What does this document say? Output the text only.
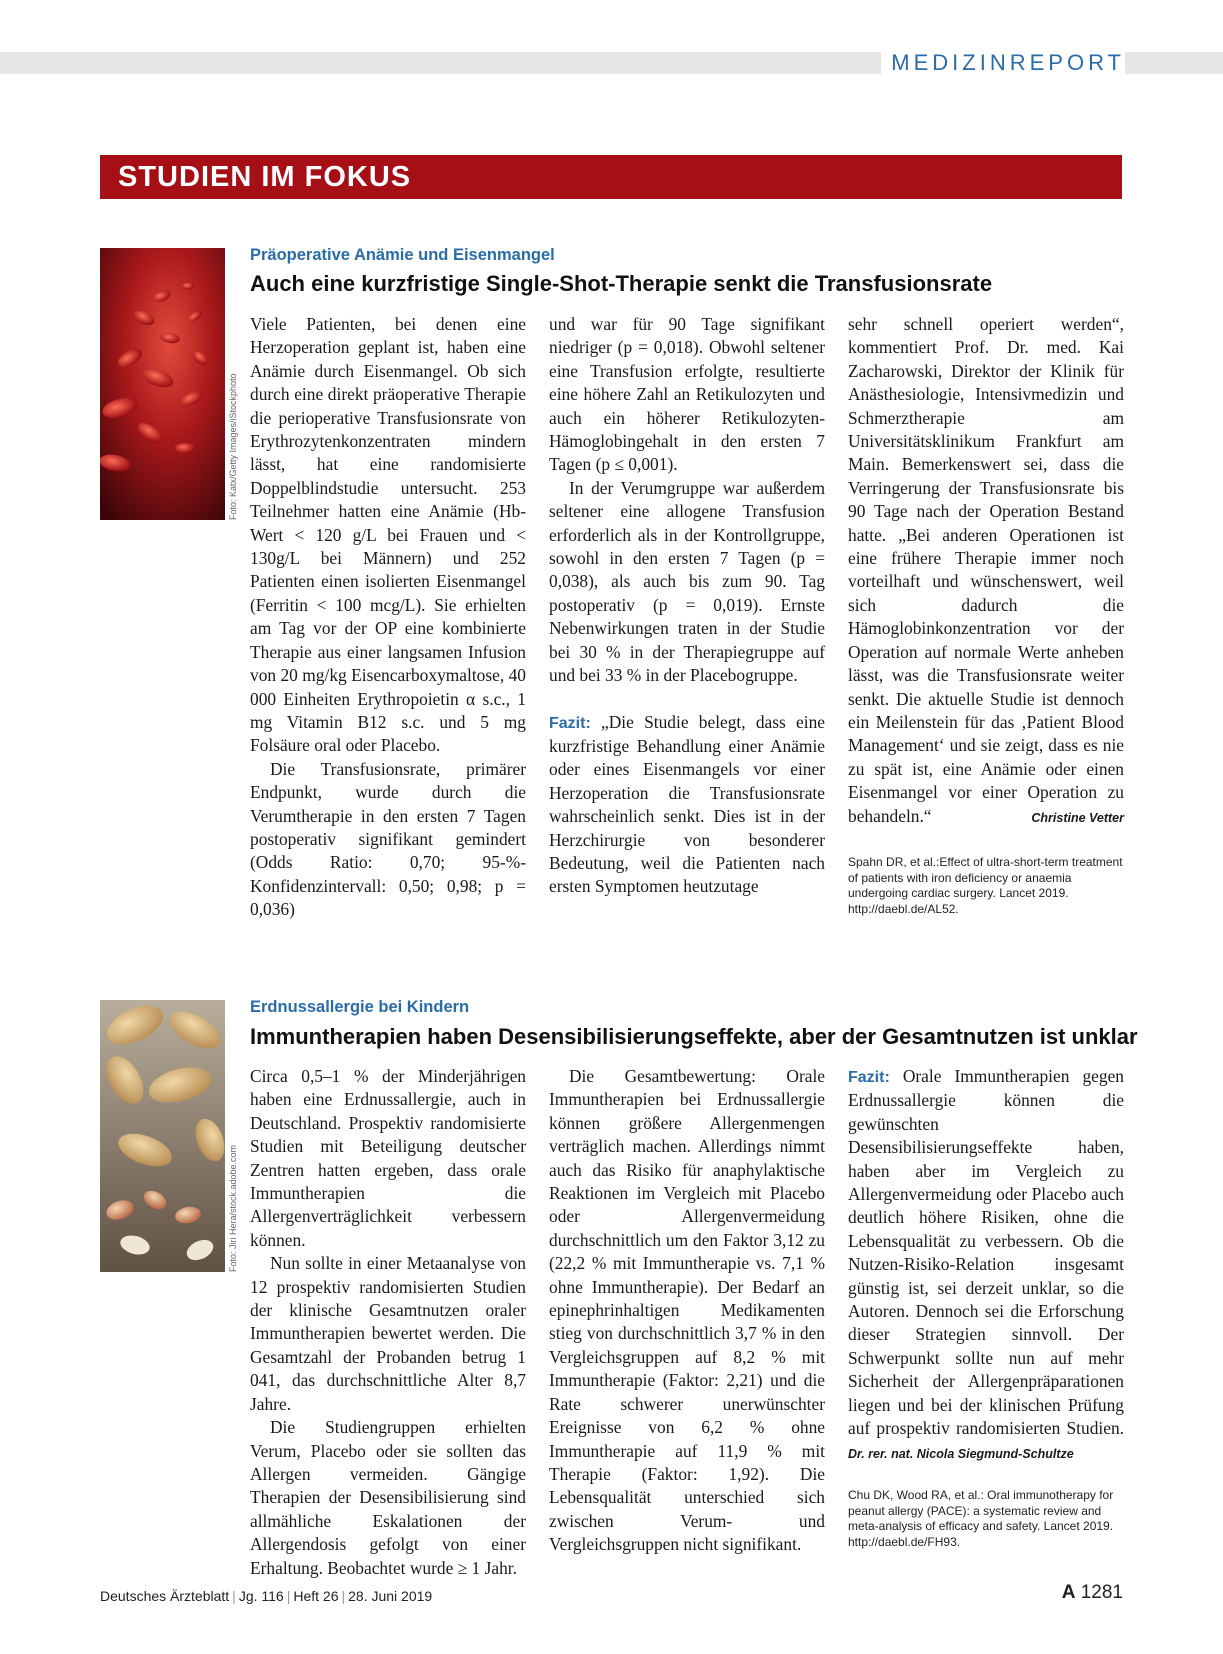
MEDIZINREPORT
STUDIEN IM FOKUS
Foto: Katx/Getty Images/iStockphoto
Präoperative Anämie und Eisenmangel
Auch eine kurzfristige Single-Shot-Therapie senkt die Transfusionsrate

Viele Patienten, bei denen eine Herzoperation geplant ist, haben eine Anämie durch Eisenmangel. Ob sich durch eine direkt präoperative Therapie die perioperative Transfusionsrate von Erythrozytenkonzentraten mindern lässt, hat eine randomisierte Doppelblindstudie untersucht. 253 Teilnehmer hatten eine Anämie (Hb-Wert < 120 g/L bei Frauen und < 130g/L bei Männern) und 252 Patienten einen isolierten Eisenmangel (Ferritin < 100 mcg/L). Sie erhielten am Tag vor der OP eine kombinierte Therapie aus einer langsamen Infusion von 20 mg/kg Eisencarboxymaltose, 40 000 Einheiten Erythropoietin α s.c., 1 mg Vitamin B12 s.c. und 5 mg Folsäure oral oder Placebo.

Die Transfusionsrate, primärer Endpunkt, wurde durch die Verumtherapie in den ersten 7 Tagen postoperativ signifikant gemindert (Odds Ratio: 0,70; 95-%-Konfidenzintervall: 0,50; 0,98; p = 0,036)

und war für 90 Tage signifikant niedriger (p = 0,018). Obwohl seltener eine Transfusion erfolgte, resultierte eine höhere Zahl an Retikulozyten und auch ein höherer Retikulozyten-Hämoglobingehalt in den ersten 7 Tagen (p ≤ 0,001).

In der Verumgruppe war außerdem seltener eine allogene Transfusion erforderlich als in der Kontrollgruppe, sowohl in den ersten 7 Tagen (p = 0,038), als auch bis zum 90. Tag postoperativ (p = 0,019). Ernste Nebenwirkungen traten in der Studie bei 30 % in der Therapiegruppe auf und bei 33 % in der Placebogruppe.

Fazit: „Die Studie belegt, dass eine kurzfristige Behandlung einer Anämie oder eines Eisenmangels vor einer Herzoperation die Transfusionsrate wahrscheinlich senkt. Dies ist in der Herzchirurgie von besonderer Bedeutung, weil die Patienten nach ersten Symptomen heutzutage

sehr schnell operiert werden“, kommentiert Prof. Dr. med. Kai Zacharowski, Direktor der Klinik für Anästhesiologie, Intensivmedizin und Schmerztherapie am Universitätsklinikum Frankfurt am Main. Bemerkenswert sei, dass die Verringerung der Transfusionsrate bis 90 Tage nach der Operation Bestand hatte. „Bei anderen Operationen ist eine frühere Therapie immer noch vorteilhaft und wünschenswert, weil sich dadurch die Hämoglobinkonzentration vor der Operation auf normale Werte anheben lässt, was die Transfusionsrate weiter senkt. Die aktuelle Studie ist dennoch ein Meilenstein für das ‚Patient Blood Management‘ und sie zeigt, dass es nie zu spät ist, eine Anämie oder einen Eisenmangel vor einer Operation zu behandeln.“	Christine Vetter

Spahn DR, et al.:Effect of ultra-short-term treatment of patients with iron deficiency or anaemia undergoing cardiac surgery. Lancet 2019. http://daebl.de/AL52.
Foto: Jiri Hera/stock.adobe.com
Erdnussallergie bei Kindern
Immuntherapien haben Desensibilisierungseffekte, aber der Gesamtnutzen ist unklar

Circa 0,5–1 % der Minderjährigen haben eine Erdnussallergie, auch in Deutschland. Prospektiv randomisierte Studien mit Beteiligung deutscher Zentren hatten ergeben, dass orale Immuntherapien die Allergenverträglichkeit verbessern können.

Nun sollte in einer Metaanalyse von 12 prospektiv randomisierten Studien der klinische Gesamtnutzen oraler Immuntherapien bewertet werden. Die Gesamtzahl der Probanden betrug 1 041, das durchschnittliche Alter 8,7 Jahre.

Die Studiengruppen erhielten Verum, Placebo oder sie sollten das Allergen vermeiden. Gängige Therapien der Desensibilisierung sind allmähliche Eskalationen der Allergendosis gefolgt von einer Erhaltung. Beobachtet wurde ≥ 1 Jahr.

Die Gesamtbewertung: Orale Immuntherapien bei Erdnussallergie können größere Allergenmengen verträglich machen. Allerdings nimmt auch das Risiko für anaphylaktische Reaktionen im Vergleich mit Placebo oder Allergenvermeidung durchschnittlich um den Faktor 3,12 zu (22,2 % mit Immuntherapie vs. 7,1 % ohne Immuntherapie). Der Bedarf an epinephrinhaltigen Medikamenten stieg von durchschnittlich 3,7 % in den Vergleichsgruppen auf 8,2 % mit Immuntherapie (Faktor: 2,21) und die Rate schwerer unerwünschter Ereignisse von 6,2 % ohne Immuntherapie auf 11,9 % mit Therapie (Faktor: 1,92). Die Lebensqualität unterschied sich zwischen Verum- und Vergleichsgruppen nicht signifikant.

Fazit: Orale Immuntherapien gegen Erdnussallergie können die gewünschten Desensibilisierungseffekte haben, haben aber im Vergleich zu Allergenvermeidung oder Placebo auch deutlich höhere Risiken, ohne die Lebensqualität zu verbessern. Ob die Nutzen-Risiko-Relation insgesamt günstig ist, sei derzeit unklar, so die Autoren. Dennoch sei die Erforschung dieser Strategien sinnvoll. Der Schwerpunkt sollte nun auf mehr Sicherheit der Allergenpräparationen liegen und bei der klinischen Prüfung auf prospektiv randomisierten Studien. Dr. rer. nat. Nicola Siegmund-Schultze

Chu DK, Wood RA, et al.: Oral immunotherapy for peanut allergy (PACE): a systematic review and meta-analysis of efficacy and safety. Lancet 2019. http://daebl.de/FH93.
Deutsches Ärzteblatt | Jg. 116 | Heft 26 | 28. Juni 2019	A 1281
